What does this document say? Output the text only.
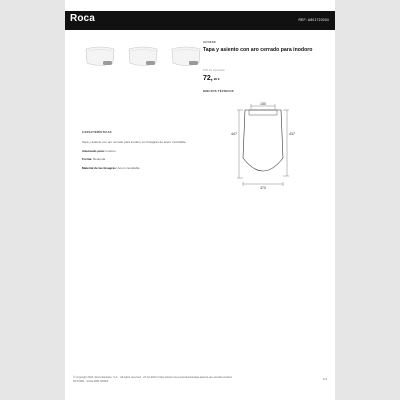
Roca	REF: A801720004
ACCESS
Tapa y asiento con aro cerrado para inodoro
PVP sin impuestos
72,90 €
DIBUJOS TÉCNICOS
150
447	437
370
CARACTERÍSTICAS

Tapa y asiento con aro cerrado para inodoro con bisagras de acero inoxidable.

Adecuado para: Inodoro

Forma: Redonda

Material de las bisagras: Acero inoxidable

© Copyright 2022, Roca Sanitario, S.A. · All rights reserved · 27-10-2022 | https://www.roca.es/productos/tapa-asiento-aro-cerrado-inodoro
RCT21BL · Ficha A801720004
1/1
